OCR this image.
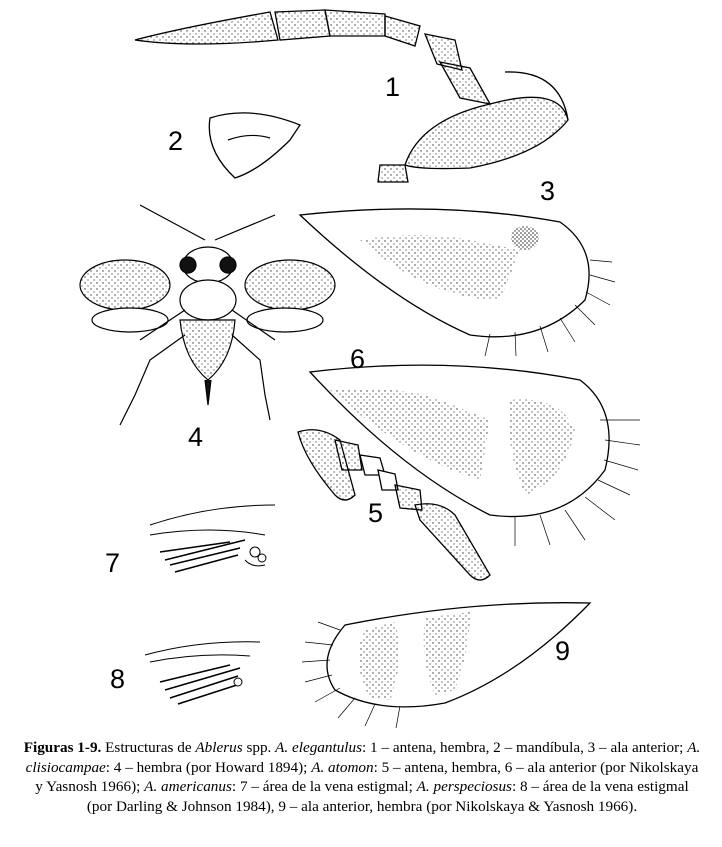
1
2
3
4
6
5
7
8
9
Figuras 1-9. Estructuras de Ablerus spp. A. elegantulus: 1 – antena, hembra, 2 – mandíbula, 3 – ala anterior; A. clisiocampae: 4 – hembra (por Howard 1894); A. atomon: 5 – antena, hembra, 6 – ala anterior (por Nikolskaya y Yasnosh 1966); A. americanus: 7 – área de la vena estigmal; A. perspeciosus: 8 – área de la vena estigmal (por Darling & Johnson 1984), 9 – ala anterior, hembra (por Nikolskaya & Yasnosh 1966).
